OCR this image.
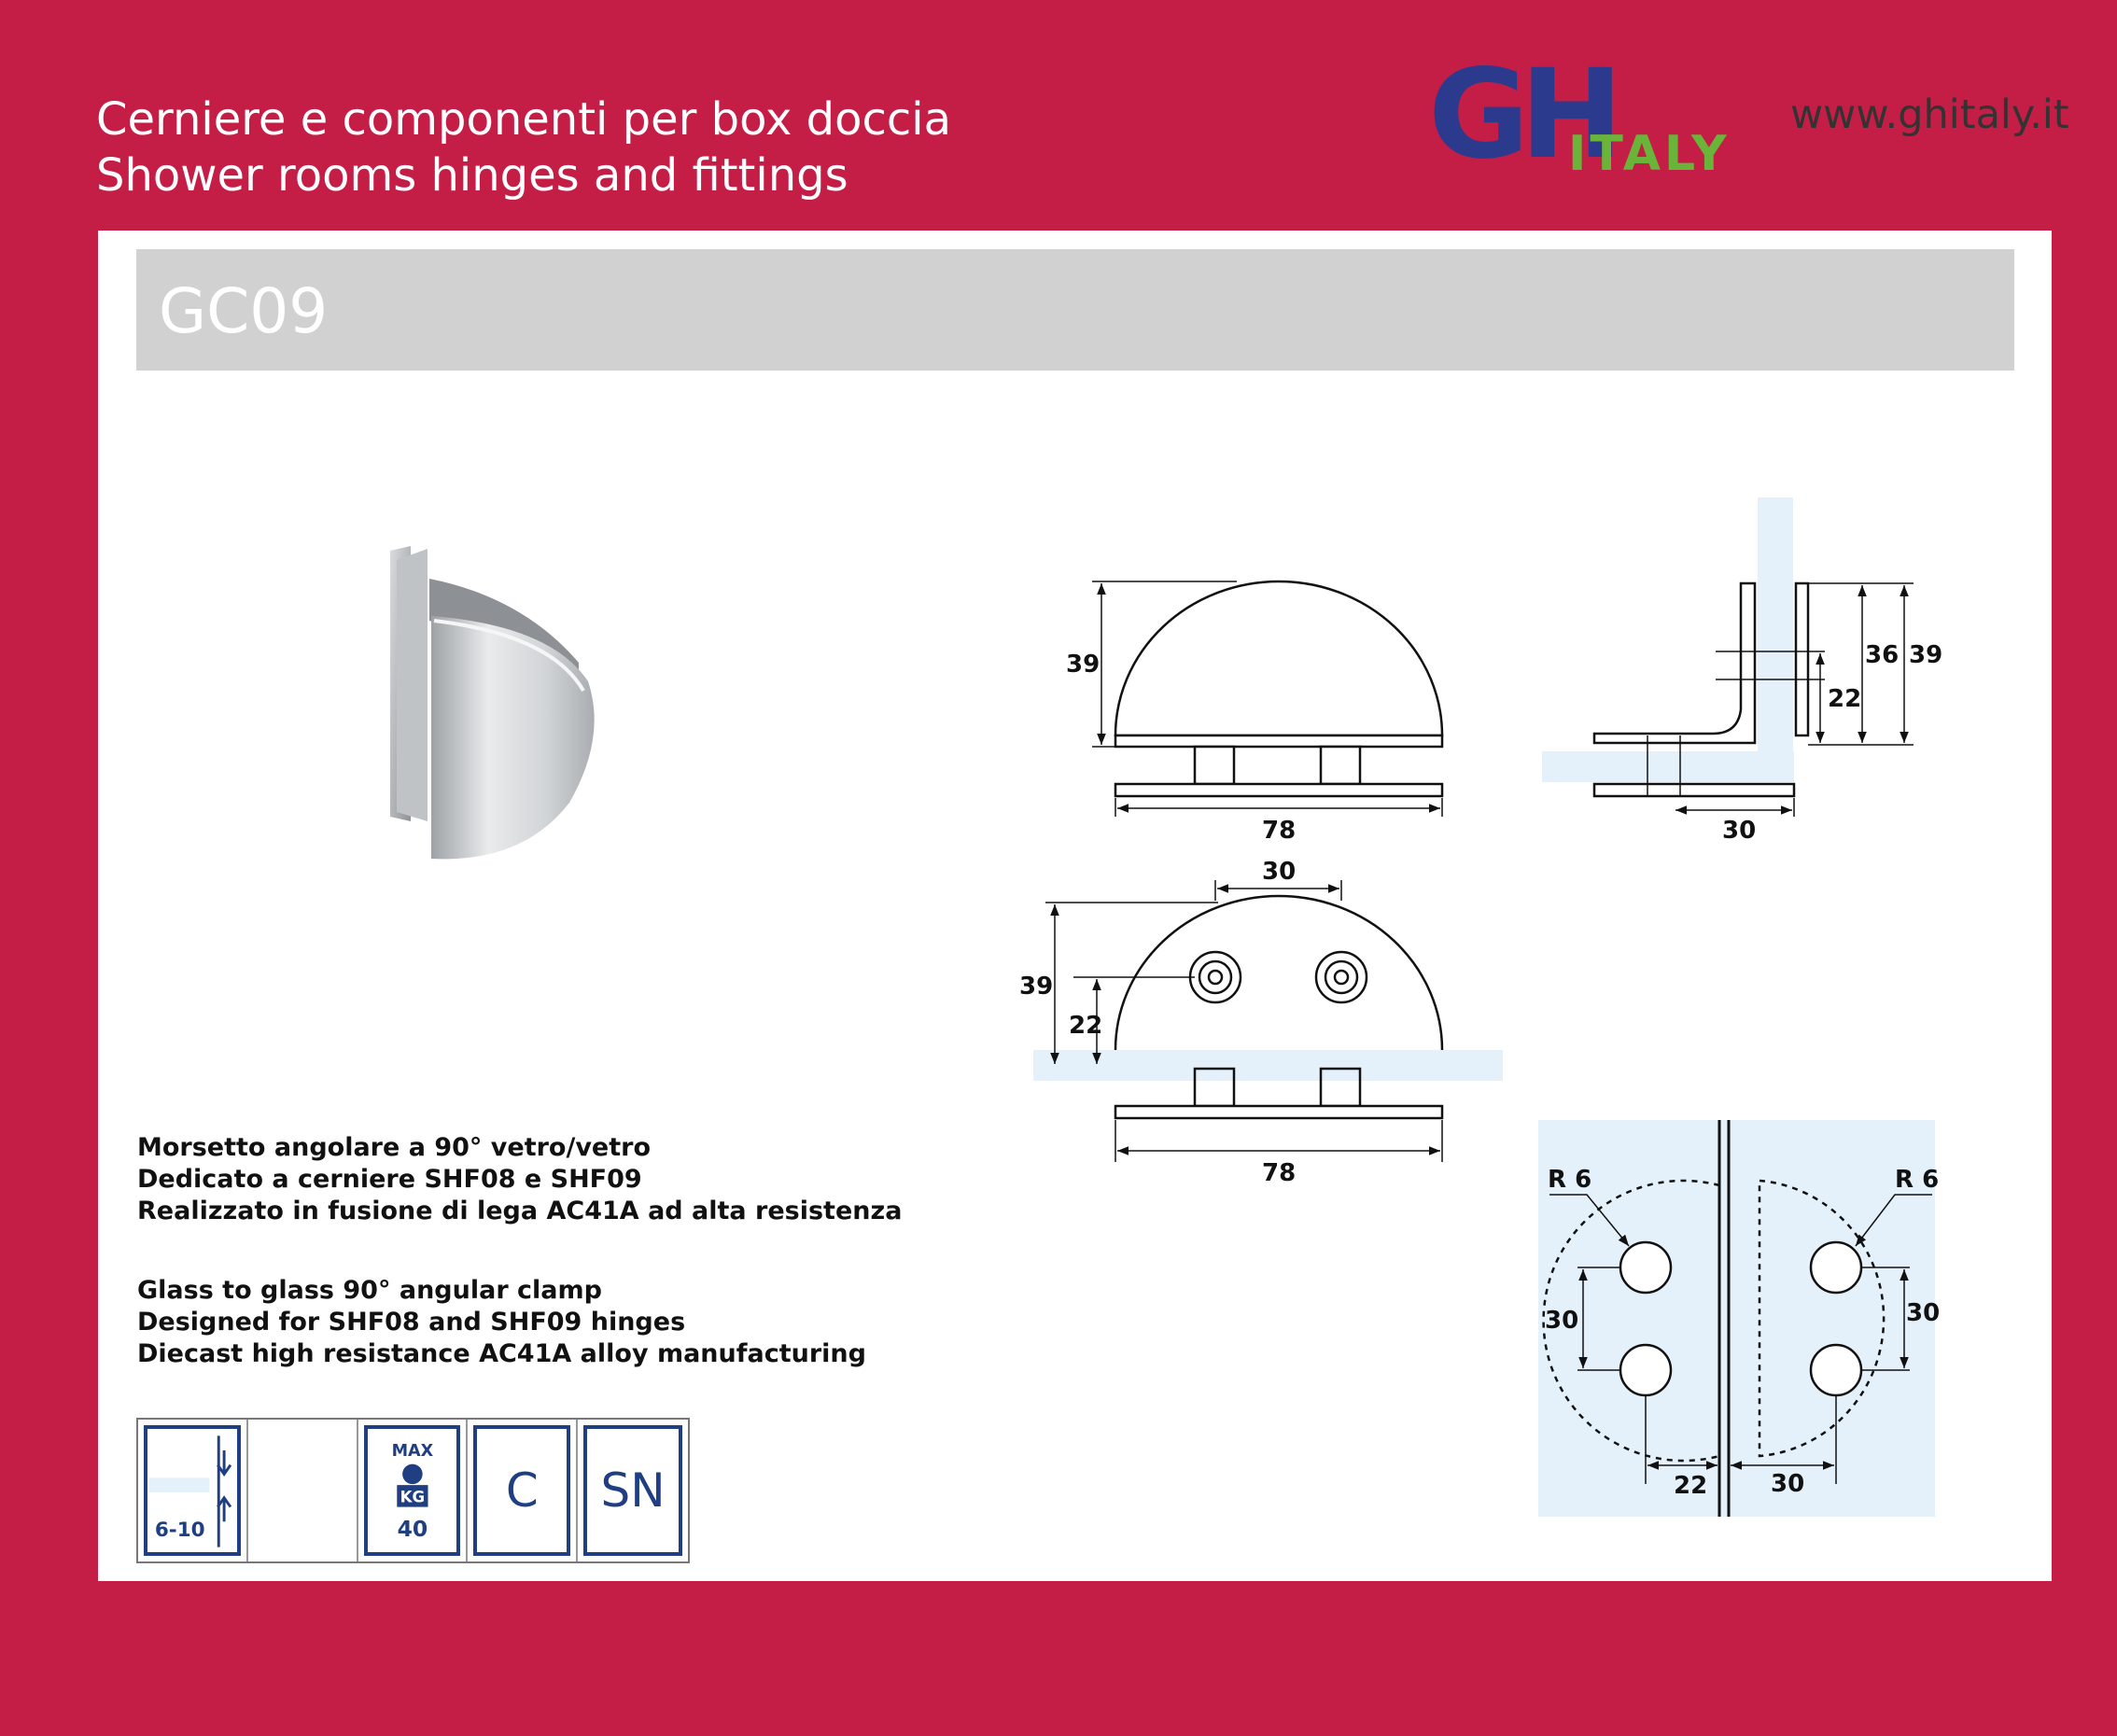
Cerniere e componenti per box doccia
Shower rooms hinges and fittings	GH
ITALY
www.ghitaly.it
GC09
39
78
36 39
22
30
30
39
22
78	R 6	R 6
30	30
22	30
Morsetto angolare a 90° vetro/vetro
Dedicato a cerniere SHF08 e SHF09
Realizzato in fusione di lega AC41A ad alta resistenza
Glass to glass 90° angular clamp
Designed for SHF08 and SHF09 hinges
Diecast high resistance AC41A alloy manufacturing
6-10
MAX
KG
40
C SN
